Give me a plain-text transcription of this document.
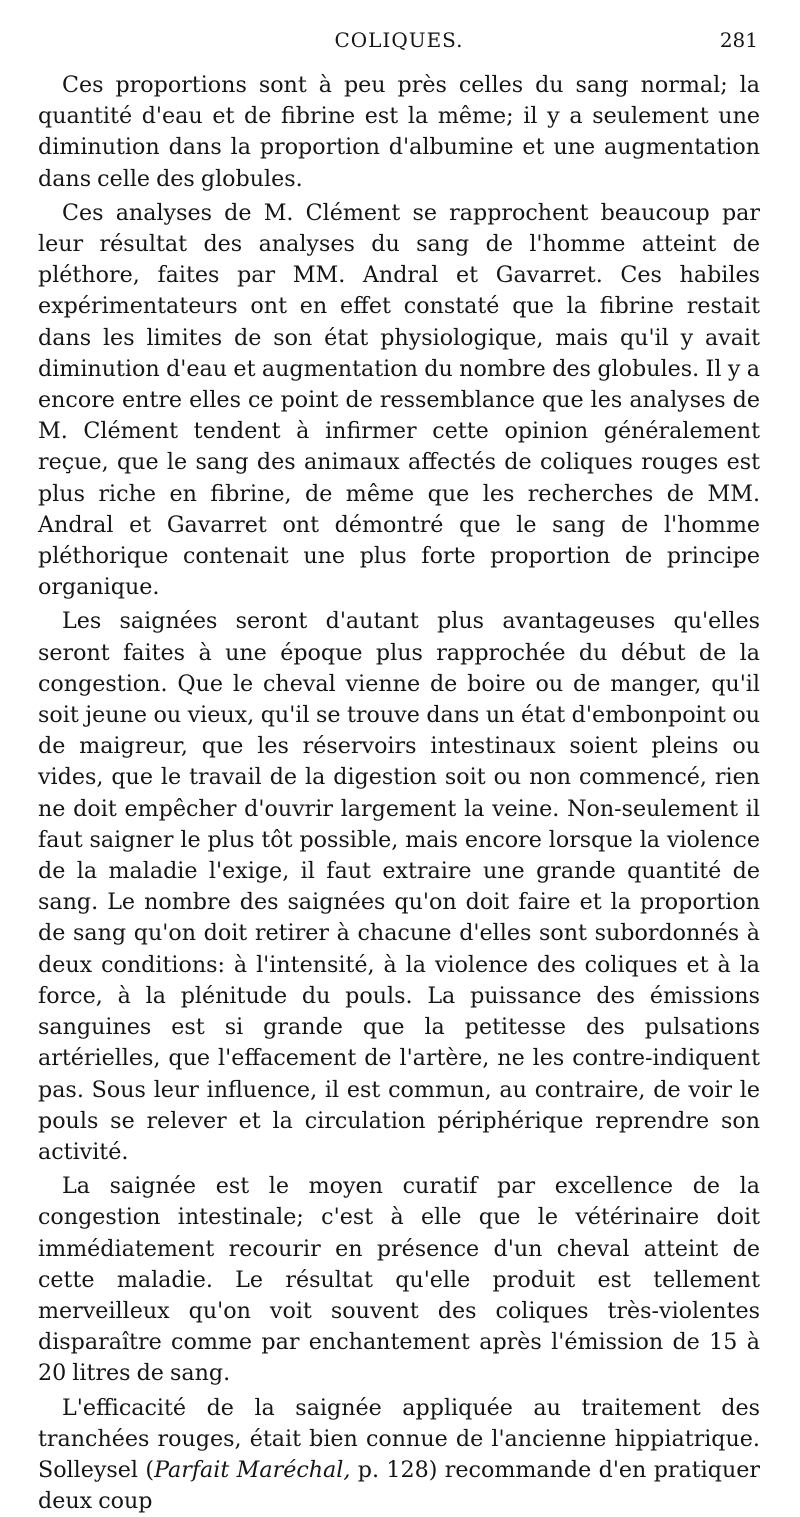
COLIQUES.	281

Ces proportions sont à peu près celles du sang normal; la quantité d'eau et de fibrine est la même; il y a seulement une diminution dans la proportion d'albumine et une augmentation dans celle des globules.

Ces analyses de M. Clément se rapprochent beaucoup par leur résultat des analyses du sang de l'homme atteint de pléthore, faites par MM. Andral et Gavarret. Ces habiles expérimentateurs ont en effet constaté que la fibrine restait dans les limites de son état physiologique, mais qu'il y avait diminution d'eau et augmentation du nombre des globules. Il y a encore entre elles ce point de ressemblance que les analyses de M. Clément tendent à infirmer cette opinion généralement reçue, que le sang des animaux affectés de coliques rouges est plus riche en fibrine, de même que les recherches de MM. Andral et Gavarret ont démontré que le sang de l'homme pléthorique contenait une plus forte proportion de principe organique.

Les saignées seront d'autant plus avantageuses qu'elles seront faites à une époque plus rapprochée du début de la congestion. Que le cheval vienne de boire ou de manger, qu'il soit jeune ou vieux, qu'il se trouve dans un état d'embonpoint ou de maigreur, que les réservoirs intestinaux soient pleins ou vides, que le travail de la digestion soit ou non commencé, rien ne doit empêcher d'ouvrir largement la veine. Non-seulement il faut saigner le plus tôt possible, mais encore lorsque la violence de la maladie l'exige, il faut extraire une grande quantité de sang. Le nombre des saignées qu'on doit faire et la proportion de sang qu'on doit retirer à chacune d'elles sont subordonnés à deux conditions: à l'intensité, à la violence des coliques et à la force, à la plénitude du pouls. La puissance des émissions sanguines est si grande que la petitesse des pulsations artérielles, que l'effacement de l'artère, ne les contre-indiquent pas. Sous leur influence, il est commun, au contraire, de voir le pouls se relever et la circulation périphérique reprendre son activité.

La saignée est le moyen curatif par excellence de la congestion intestinale; c'est à elle que le vétérinaire doit immédiatement recourir en présence d'un cheval atteint de cette maladie. Le résultat qu'elle produit est tellement merveilleux qu'on voit souvent des coliques très-violentes disparaître comme par enchantement après l'émission de 15 à 20 litres de sang.

L'efficacité de la saignée appliquée au traitement des tranchées rouges, était bien connue de l'ancienne hippiatrique. Solleysel (Parfait Maréchal, p. 128) recommande d'en pratiquer deux coup
